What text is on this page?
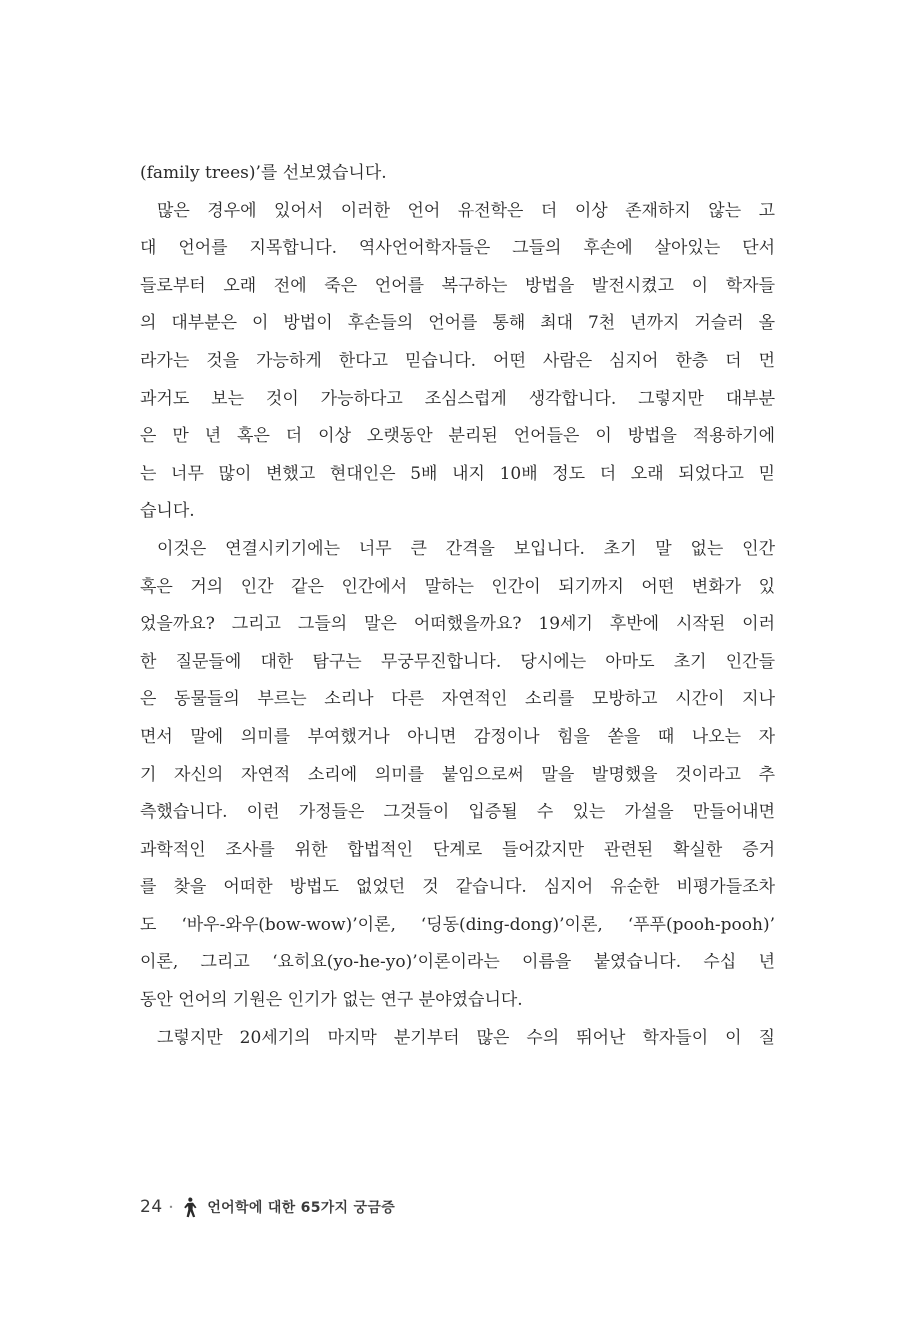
(family trees)’를 선보였습니다.
많은 경우에 있어서 이러한 언어 유전학은 더 이상 존재하지 않는 고
대 언어를 지목합니다. 역사언어학자들은 그들의 후손에 살아있는 단서
들로부터 오래 전에 죽은 언어를 복구하는 방법을 발전시켰고 이 학자들
의 대부분은 이 방법이 후손들의 언어를 통해 최대 7천 년까지 거슬러 올
라가는 것을 가능하게 한다고 믿습니다. 어떤 사람은 심지어 한층 더 먼
과거도 보는 것이 가능하다고 조심스럽게 생각합니다. 그렇지만 대부분
은 만 년 혹은 더 이상 오랫동안 분리된 언어들은 이 방법을 적용하기에
는 너무 많이 변했고 현대인은 5배 내지 10배 정도 더 오래 되었다고 믿
습니다.
이것은 연결시키기에는 너무 큰 간격을 보입니다. 초기 말 없는 인간
혹은 거의 인간 같은 인간에서 말하는 인간이 되기까지 어떤 변화가 있
었을까요? 그리고 그들의 말은 어떠했을까요? 19세기 후반에 시작된 이러
한 질문들에 대한 탐구는 무궁무진합니다. 당시에는 아마도 초기 인간들
은 동물들의 부르는 소리나 다른 자연적인 소리를 모방하고 시간이 지나
면서 말에 의미를 부여했거나 아니면 감정이나 힘을 쏟을 때 나오는 자
기 자신의 자연적 소리에 의미를 붙임으로써 말을 발명했을 것이라고 추
측했습니다. 이런 가정들은 그것들이 입증될 수 있는 가설을 만들어내면
과학적인 조사를 위한 합법적인 단계로 들어갔지만 관련된 확실한 증거
를 찾을 어떠한 방법도 없었던 것 같습니다. 심지어 유순한 비평가들조차
도 ‘바우-와우(bow-wow)’이론, ‘딩동(ding-dong)’이론, ‘푸푸(pooh-pooh)’
이론, 그리고 ‘요히요(yo-he-yo)’이론이라는 이름을 붙였습니다. 수십 년
동안 언어의 기원은 인기가 없는 연구 분야였습니다.
그렇지만 20세기의 마지막 분기부터 많은 수의 뛰어난 학자들이 이 질
24 • 언어학에 대한 65가지 궁금증
